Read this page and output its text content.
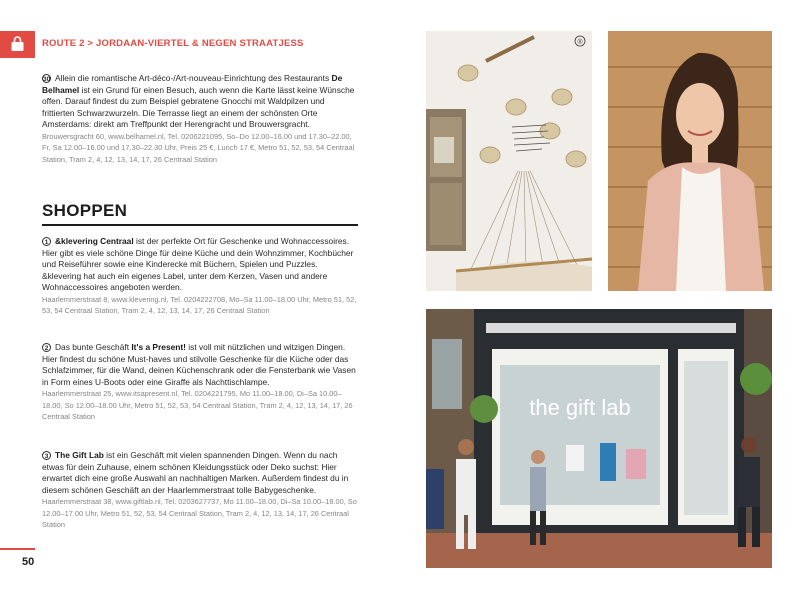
ROUTE 2 > JORDAAN-VIERTEL & NEGEN STRAATJESS

30 Allein die romantische Art-déco-/Art-nouveau-Einrichtung des Restaurants De Belhamel ist ein Grund für einen Besuch, auch wenn die Karte lässt keine Wünsche offen. Darauf findest du zum Beispiel gebratene Gnocchi mit Waldpilzen und frittierten Schwarzwurzeln. Die Terrasse liegt an einem der schönsten Orte Amsterdams: direkt am Treffpunkt der Herengracht und Brouwersgracht.

Brouwersgracht 60, www.belhamel.nl, Tel. 0206221095, So–Do 12.00–16.00 und 17.30–22.00, Fr, Sa 12.00–16.00 und 17.30–22.30 Uhr, Preis 25 €, Lunch 17 €, Metro 51, 52, 53, 54 Centraal Station, Tram 2, 4, 12, 13, 14, 17, 26 Centraal Station

SHOPPEN

1 &klevering Centraal ist der perfekte Ort für Geschenke und Wohnaccessoires. Hier gibt es viele schöne Dinge für deine Küche und dein Wohnzimmer, Kochbücher und Reiseführer sowie eine Kinderecke mit Büchern, Spielen und Puzzles. &klevering hat auch ein eigenes Label, unter dem Kerzen, Vasen und andere Wohnaccessoires angeboten werden.

Haarlemmerstraat 8, www.klevering.nl, Tel. 0204222708, Mo–Sa 11.00–18.00 Uhr, Metro 51, 52, 53, 54 Centraal Station, Tram 2, 4, 12, 13, 14, 17, 26 Centraal Station

2 Das bunte Geschäft It's a Present! ist voll mit nützlichen und witzigen Dingen. Hier findest du schöne Must-haves und stilvolle Geschenke für die Küche oder das Schlafzimmer, für die Wand, deinen Küchenschrank oder die Fensterbank wie Vasen in Form eines U-Boots oder eine Giraffe als Nachttischlampe.

Haarlemmerstraat 25, www.itsapresent.nl, Tel. 0204221795, Mo 11.00–18.00, Di–Sa 10.00–18.00, So 12.00–18.00 Uhr, Metro 51, 52, 53, 54 Centraal Station, Tram 2, 4, 12, 13, 14, 17, 26 Centraal Station

3 The Gift Lab ist ein Geschäft mit vielen spannenden Dingen. Wenn du nach etwas für dein Zuhause, einem schönen Kleidungsstück oder Deko suchst: Hier erwartet dich eine große Auswahl an nachhaltigen Marken. Außerdem findest du in diesem schönen Geschäft an der Haarlemmerstraat tolle Babygeschenke.

Haarlemmerstraat 38, www.giftlab.nl, Tel. 0203627737, Mo 11.00–18.00, Di–Sa 10.00–18.00, So 12.00–17.00 Uhr, Metro 51, 52, 53, 54 Centraal Station, Tram 2, 4, 12, 13, 14, 17, 26 Centraal Station

50
®
the gift lab
